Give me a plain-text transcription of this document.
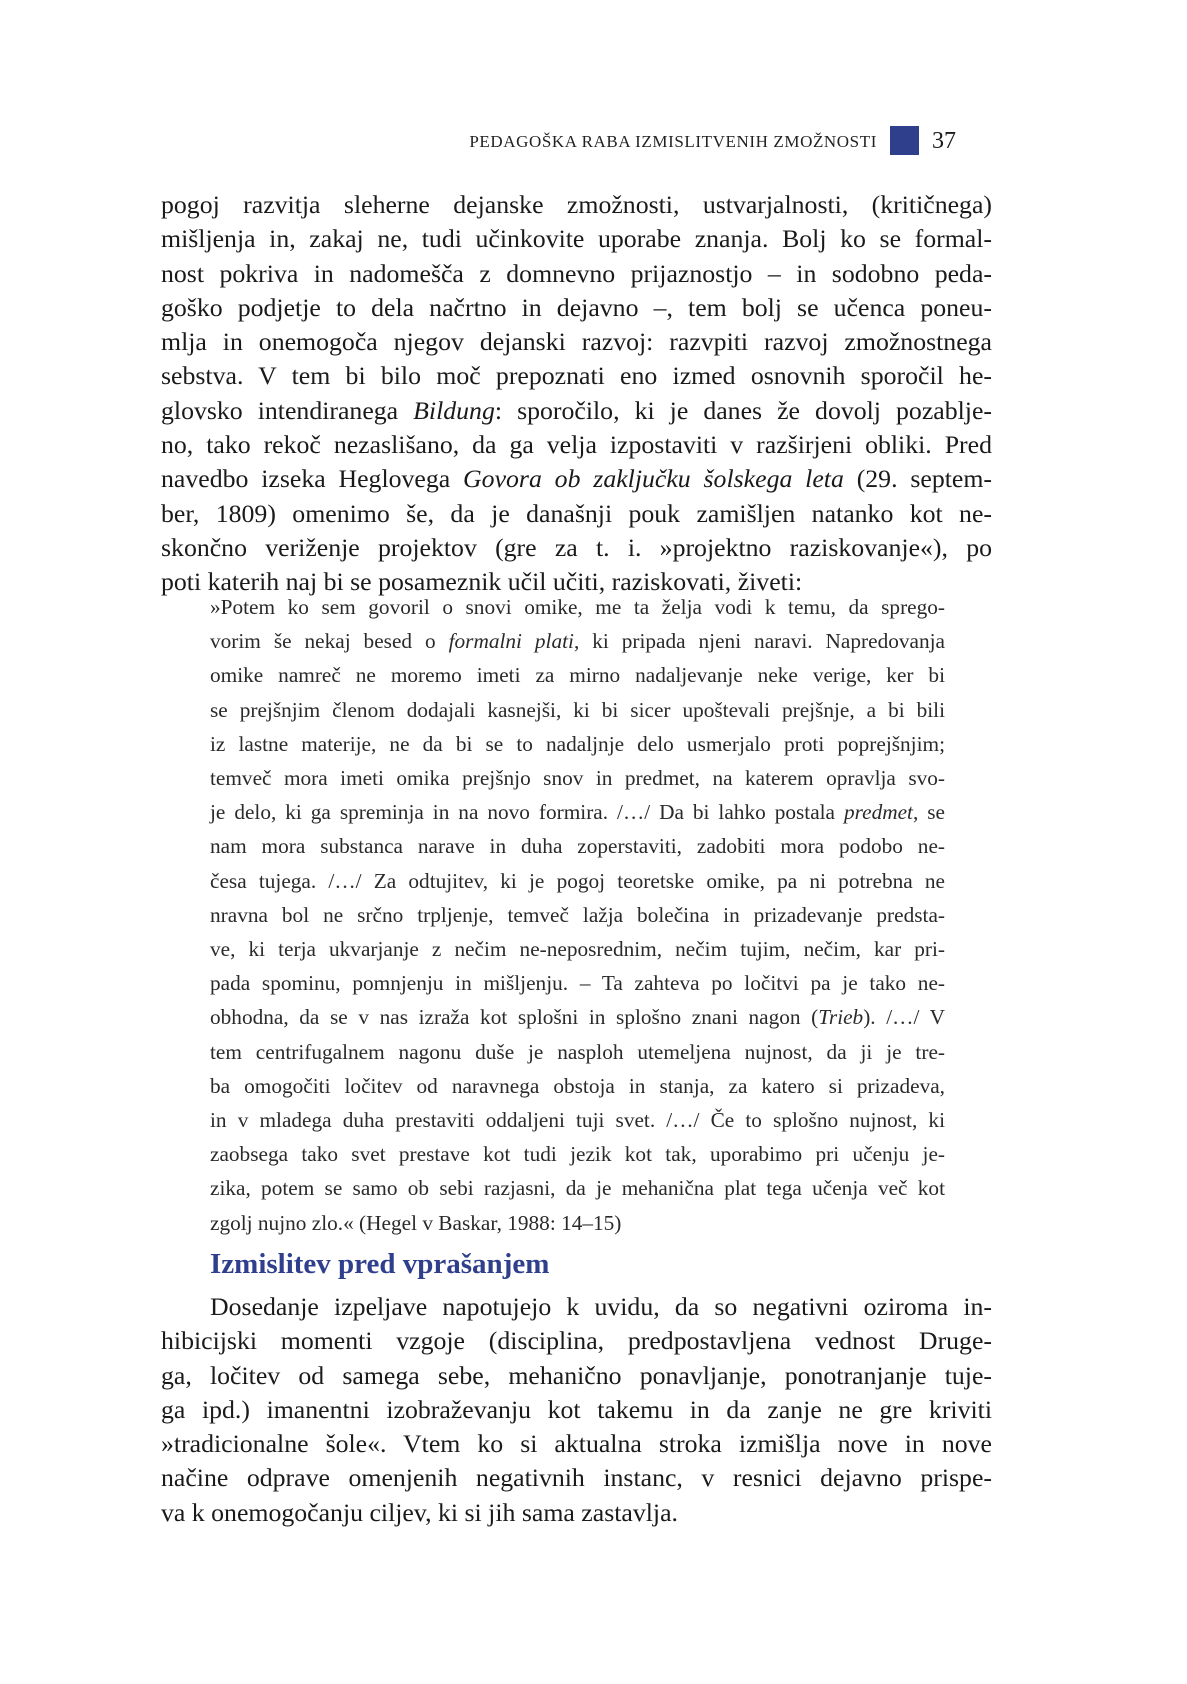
PEDAGOŠKA RABA IZMISLITVENIH ZMOŽNOSTI 37
pogoj razvitja sleherne dejanske zmožnosti, ustvarjalnosti, (kritičnega)
mišljenja in, zakaj ne, tudi učinkovite uporabe znanja. Bolj ko se formal-
nost pokriva in nadomešča z domnevno prijaznostjo – in sodobno peda-
goško podjetje to dela načrtno in dejavno –, tem bolj se učenca poneu-
mlja in onemogoča njegov dejanski razvoj: razvpiti razvoj zmožnostnega
sebstva. V tem bi bilo moč prepoznati eno izmed osnovnih sporočil he-
glovsko intendiranega Bildung: sporočilo, ki je danes že dovolj pozablje-
no, tako rekoč nezaslišano, da ga velja izpostaviti v razširjeni obliki. Pred
navedbo izseka Heglovega Govora ob zaključku šolskega leta (29. septem-
ber, 1809) omenimo še, da je današnji pouk zamišljen natanko kot ne-
skončno veriženje projektov (gre za t. i. »projektno raziskovanje«), po
poti katerih naj bi se posameznik učil učiti, raziskovati, živeti:
»Potem ko sem govoril o snovi omike, me ta želja vodi k temu, da sprego-
vorim še nekaj besed o formalni plati, ki pripada njeni naravi. Napredovanja
omike namreč ne moremo imeti za mirno nadaljevanje neke verige, ker bi
se prejšnjim členom dodajali kasnejši, ki bi sicer upoštevali prejšnje, a bi bili
iz lastne materije, ne da bi se to nadaljnje delo usmerjalo proti poprejšnjim;
temveč mora imeti omika prejšnjo snov in predmet, na katerem opravlja svo-
je delo, ki ga spreminja in na novo formira. /…/ Da bi lahko postala predmet, se
nam mora substanca narave in duha zoperstaviti, zadobiti mora podobo ne-
česa tujega. /…/ Za odtujitev, ki je pogoj teoretske omike, pa ni potrebna ne
nravna bol ne srčno trpljenje, temveč lažja bolečina in prizadevanje predsta-
ve, ki terja ukvarjanje z nečim ne-neposrednim, nečim tujim, nečim, kar pri-
pada spominu, pomnjenju in mišljenju. – Ta zahteva po ločitvi pa je tako ne-
obhodna, da se v nas izraža kot splošni in splošno znani nagon (Trieb). /…/ V
tem centrifugalnem nagonu duše je nasploh utemeljena nujnost, da ji je tre-
ba omogočiti ločitev od naravnega obstoja in stanja, za katero si prizadeva,
in v mladega duha prestaviti oddaljeni tuji svet. /…/ Če to splošno nujnost, ki
zaobsega tako svet prestave kot tudi jezik kot tak, uporabimo pri učenju je-
zika, potem se samo ob sebi razjasni, da je mehanična plat tega učenja več kot
zgolj nujno zlo.« (Hegel v Baskar, 1988: 14–15)
Izmislitev pred vprašanjem
Dosedanje izpeljave napotujejo k uvidu, da so negativni oziroma in-
hibicijski momenti vzgoje (disciplina, predpostavljena vednost Druge-
ga, ločitev od samega sebe, mehanično ponavljanje, ponotranjanje tuje-
ga ipd.) imanentni izobraževanju kot takemu in da zanje ne gre kriviti
»tradicionalne šole«. Vtem ko si aktualna stroka izmišlja nove in nove
načine odprave omenjenih negativnih instanc, v resnici dejavno prispe-
va k onemogočanju ciljev, ki si jih sama zastavlja.
